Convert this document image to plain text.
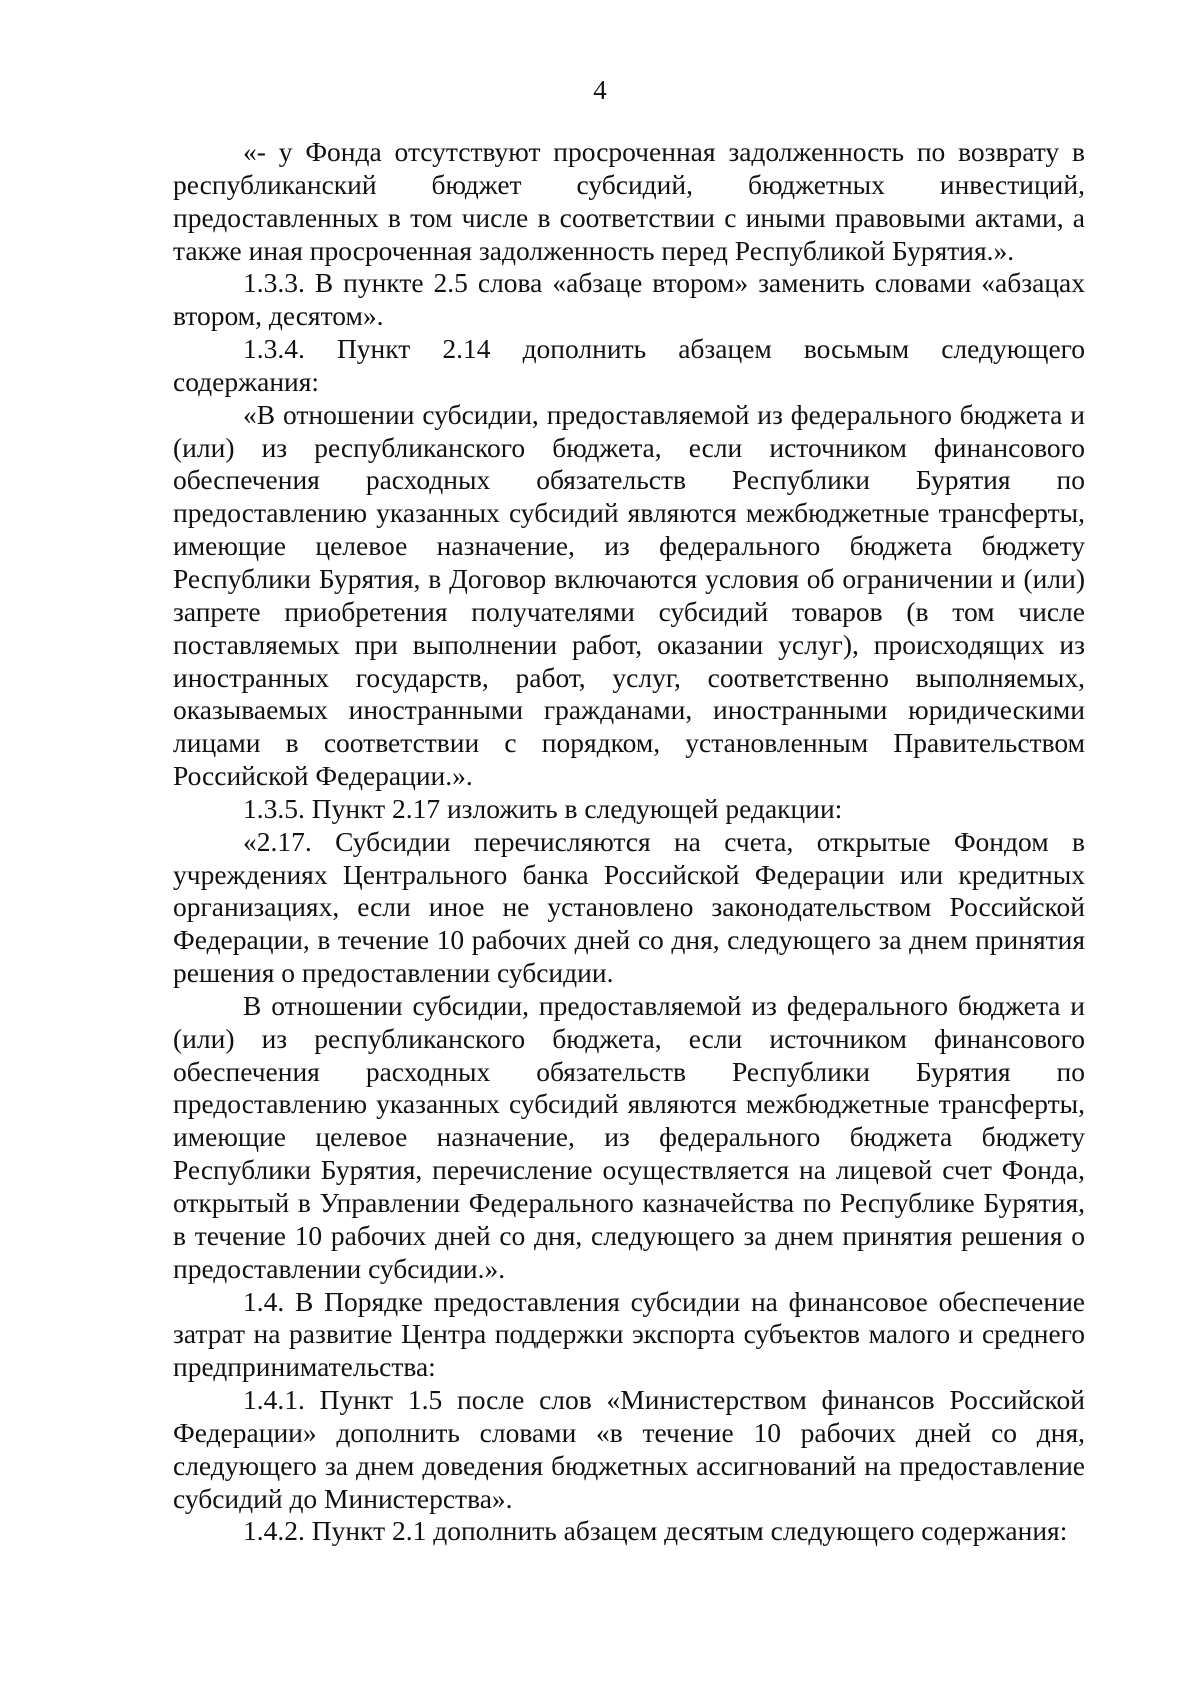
4

«- у Фонда отсутствуют просроченная задолженность по возврату в республиканский бюджет субсидий, бюджетных инвестиций, предоставленных в том числе в соответствии с иными правовыми актами, а также иная просроченная задолженность перед Республикой Бурятия.».

1.3.3. В пункте 2.5 слова «абзаце втором» заменить словами «абзацах втором, десятом».

1.3.4. Пункт 2.14 дополнить абзацем восьмым следующего содержания:

«В отношении субсидии, предоставляемой из федерального бюджета и (или) из республиканского бюджета, если источником финансового обеспечения расходных обязательств Республики Бурятия по предоставлению указанных субсидий являются межбюджетные трансферты, имеющие целевое назначение, из федерального бюджета бюджету Республики Бурятия, в Договор включаются условия об ограничении и (или) запрете приобретения получателями субсидий товаров (в том числе поставляемых при выполнении работ, оказании услуг), происходящих из иностранных государств, работ, услуг, соответственно выполняемых, оказываемых иностранными гражданами, иностранными юридическими лицами в соответствии с порядком, установленным Правительством Российской Федерации.».

1.3.5. Пункт 2.17 изложить в следующей редакции:

«2.17. Субсидии перечисляются на счета, открытые Фондом в учреждениях Центрального банка Российской Федерации или кредитных организациях, если иное не установлено законодательством Российской Федерации, в течение 10 рабочих дней со дня, следующего за днем принятия решения о предоставлении субсидии.

В отношении субсидии, предоставляемой из федерального бюджета и (или) из республиканского бюджета, если источником финансового обеспечения расходных обязательств Республики Бурятия по предоставлению указанных субсидий являются межбюджетные трансферты, имеющие целевое назначение, из федерального бюджета бюджету Республики Бурятия, перечисление осуществляется на лицевой счет Фонда, открытый в Управлении Федерального казначейства по Республике Бурятия, в течение 10 рабочих дней со дня, следующего за днем принятия решения о предоставлении субсидии.».

1.4. В Порядке предоставления субсидии на финансовое обеспечение затрат на развитие Центра поддержки экспорта субъектов малого и среднего предпринимательства:

1.4.1. Пункт 1.5 после слов «Министерством финансов Российской Федерации» дополнить словами «в течение 10 рабочих дней со дня, следующего за днем доведения бюджетных ассигнований на предоставление субсидий до Министерства».

1.4.2. Пункт 2.1 дополнить абзацем десятым следующего содержания:
